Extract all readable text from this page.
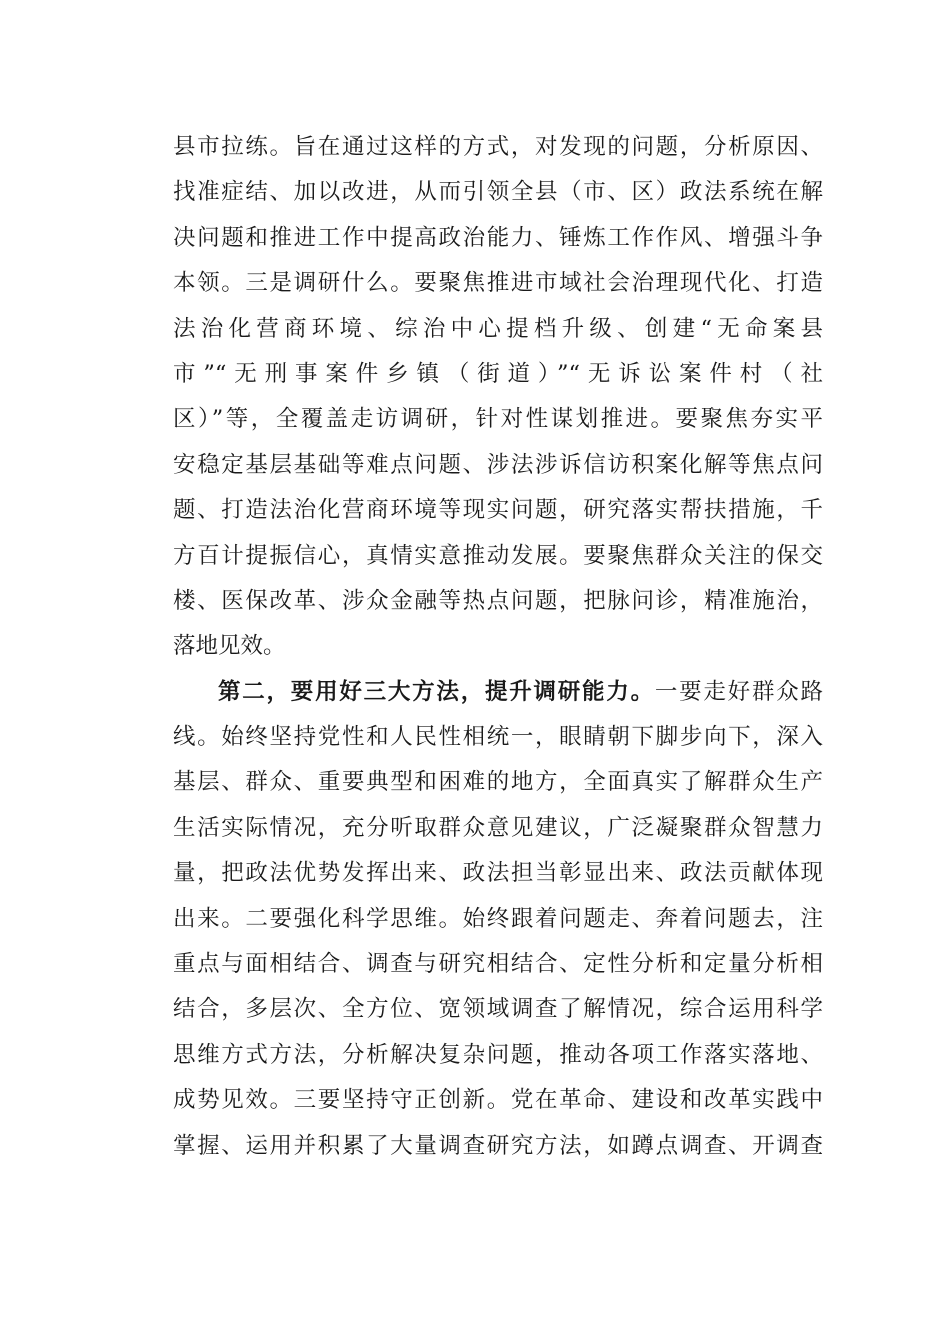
县市拉练。旨在通过这样的方式，对发现的问题，分析原因、
找准症结、加以改进，从而引领全县（市、区）政法系统在解
决问题和推进工作中提高政治能力、锤炼工作作风、增强斗争
本领。三是调研什么。要聚焦推进市域社会治理现代化、打造
法治化营商环境、综治中心提档升级、创建“无命案县
市”“无刑事案件乡镇（街道）”“无诉讼案件村（社
区）”等，全覆盖走访调研，针对性谋划推进。要聚焦夯实平
安稳定基层基础等难点问题、涉法涉诉信访积案化解等焦点问
题、打造法治化营商环境等现实问题，研究落实帮扶措施，千
方百计提振信心，真情实意推动发展。要聚焦群众关注的保交
楼、医保改革、涉众金融等热点问题，把脉问诊，精准施治，
落地见效。
第二，要用好三大方法，提升调研能力。一要走好群众路
线。始终坚持党性和人民性相统一，眼睛朝下脚步向下，深入
基层、群众、重要典型和困难的地方，全面真实了解群众生产
生活实际情况，充分听取群众意见建议，广泛凝聚群众智慧力
量，把政法优势发挥出来、政法担当彰显出来、政法贡献体现
出来。二要强化科学思维。始终跟着问题走、奔着问题去，注
重点与面相结合、调查与研究相结合、定性分析和定量分析相
结合，多层次、全方位、宽领域调查了解情况，综合运用科学
思维方式方法，分析解决复杂问题，推动各项工作落实落地、
成势见效。三要坚持守正创新。党在革命、建设和改革实践中
掌握、运用并积累了大量调查研究方法，如蹲点调查、开调查
